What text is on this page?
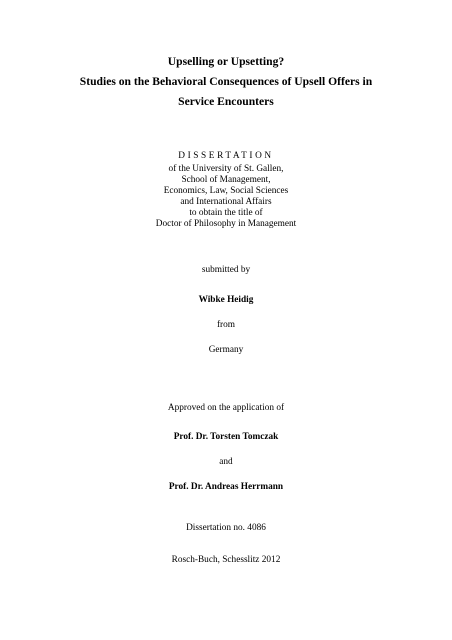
Upselling or Upsetting?
Studies on the Behavioral Consequences of Upsell Offers in
Service Encounters
DISSERTATION
of the University of St. Gallen,
School of Management,
Economics, Law, Social Sciences
and International Affairs
to obtain the title of
Doctor of Philosophy in Management
submitted by
Wibke Heidig
from
Germany
Approved on the application of
Prof. Dr. Torsten Tomczak
and
Prof. Dr. Andreas Herrmann
Dissertation no. 4086
Rosch-Buch, Schesslitz 2012
